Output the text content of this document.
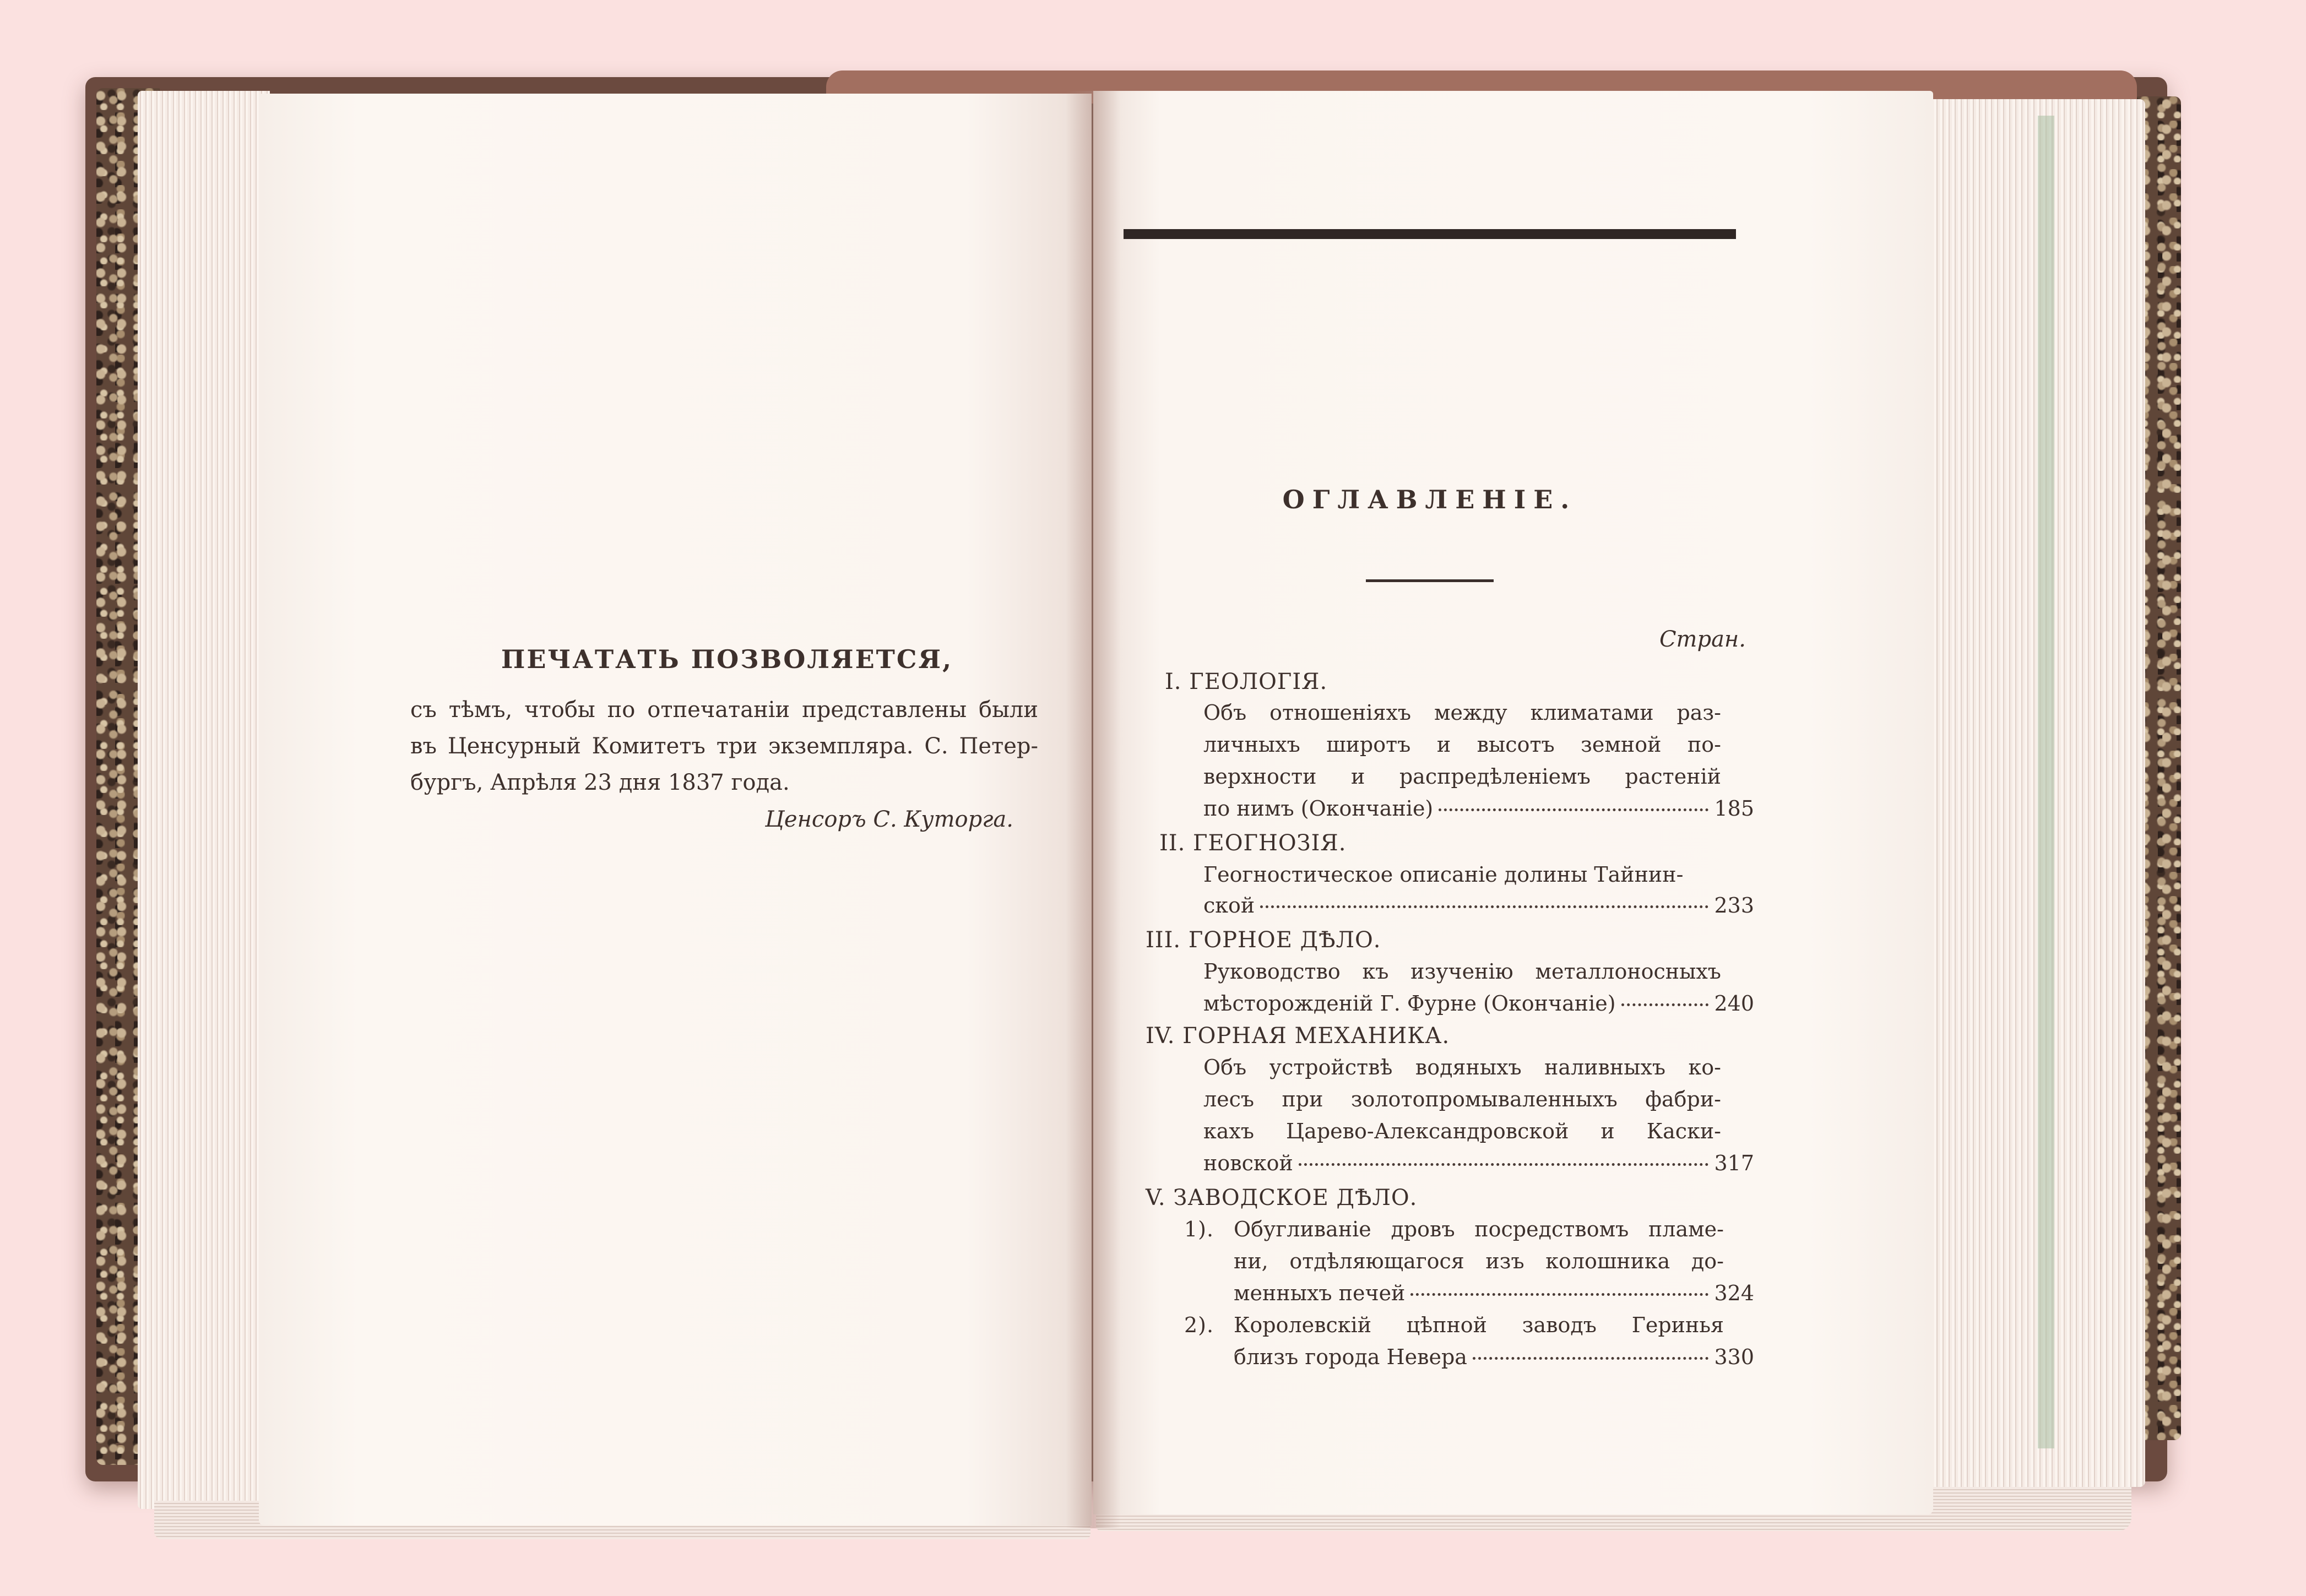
ПЕЧАТАТЬ ПОЗВОЛЯЕТСЯ,
съ тѣмъ, чтобы по отпечатаніи представлены были
въ Ценсурный Комитетъ три экземпляра. С. Петер-
бургъ, Апрѣля 23 дня 1837 года.
Ценсоръ С. Куторга.
ОГЛАВЛЕНІЕ.
Стран.
I. ГЕОЛОГІЯ.
Объ отношеніяхъ между климатами раз-
личныхъ широтъ и высотъ земной по-
верхности и распредѣленіемъ растеній
по нимъ (Окончаніе)	185
II. ГЕОГНОЗІЯ.
Геогностическое описаніе долины Тайнин-
ской	233
III. ГОРНОЕ ДѢЛО.
Руководство къ изученію металлоносныхъ
мѣсторожденій Г. Фурне (Окончаніе)	240
IV. ГОРНАЯ МЕХАНИКА.
Объ устройствѣ водяныхъ наливныхъ ко-
лесъ при золотопромываленныхъ фабри-
кахъ Царево-Александровской и Каски-
новской	317
V. ЗАВОДСКОЕ ДѢЛО.
1). Обугливаніе дровъ посредствомъ пламе-
ни, отдѣляющагося изъ колошника до-
менныхъ печей	324
2). Королевскій цѣпной заводъ Геринья
близъ города Невера	330
